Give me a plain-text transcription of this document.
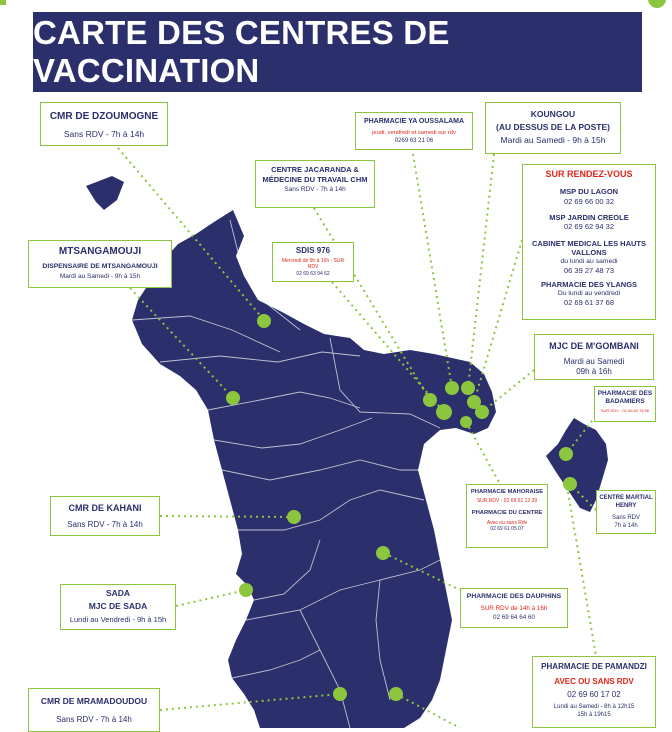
CARTE DES CENTRES DE VACCINATION
CMR DE DZOUMOGNE
Sans RDV - 7h à 14h
PHARMACIE YA OUSSALAMA
jeudi, vendredi et samedi sur rdv
0269 63 21 06
KOUNGOU
(AU DESSUS DE LA POSTE)
Mardi au Samedi - 9h à 15h
CENTRE JACARANDA & MÉDECINE DU TRAVAIL CHM
Sans RDV - 7h à 14h
SUR RENDEZ-VOUS
MSP DU LAGON
02 69 66 00 32
MSP JARDIN CREOLE
02 69 62 94 32
CABINET MEDICAL LES HAUTS VALLONS
du lundi au samedi
06 39 27 48 73
PHARMACIE DES YLANGS
Du lundi au vendredi
02 69 61 37 68
MTSANGAMOUJI
DISPENSAIRE DE MTSANGAMOUJI
Mardi au Samedi - 9h à 15h
SDIS 976
Mercredi de 9h à 16h - SUR RDV
02 69 63 94 62
MJC DE M'GOMBANI
Mardi au Samedi
09h à 16h
PHARMACIE DES BADAMIERS
SUR RDV - 02 69 62 78 56
PHARMACIE MAHORAISE
SUR RDV - 02 69 61 12 39
PHARMACIE DU CENTRE
Avec ou sans Rdv
02 69 61 05 07
CENTRE MARTIAL HENRY
Sans RDV
7h à 14h
CMR DE KAHANI
Sans RDV - 7h à 14h
SADA
MJC DE SADA
Lundi au Vendredi - 9h à 15h
PHARMACIE DES DAUPHINS
SUR RDV de 14h à 16h
02 69 64 64 60
PHARMACIE DE PAMANDZI
AVEC OU SANS RDV
02 69 60 17 02
Lundi au Samedi - 8h à 12h15
15h à 19h15
CMR DE MRAMADOUDOU
Sans RDV - 7h à 14h
